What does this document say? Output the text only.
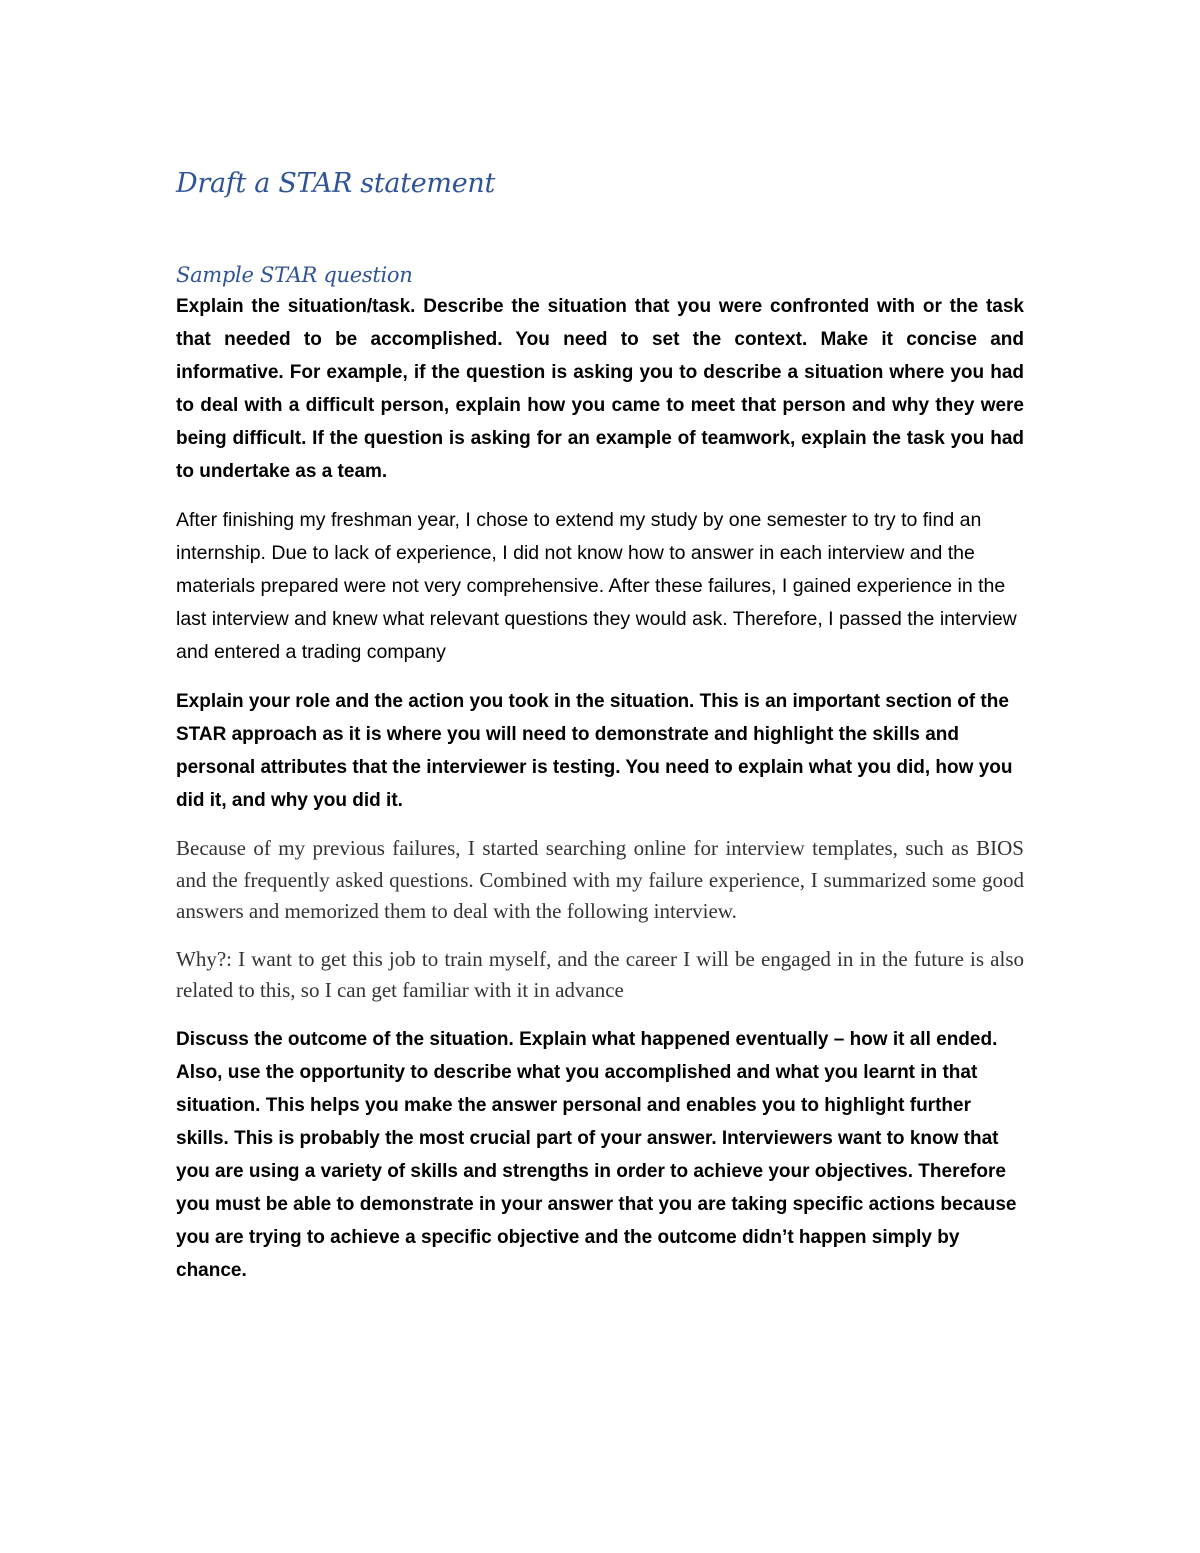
Draft a STAR statement
Sample STAR question

Explain the situation/task. Describe the situation that you were confronted with or the task that needed to be accomplished. You need to set the context. Make it concise and informative. For example, if the question is asking you to describe a situation where you had to deal with a difficult person, explain how you came to meet that person and why they were being difficult. If the question is asking for an example of teamwork, explain the task you had to undertake as a team.

After finishing my freshman year, I chose to extend my study by one semester to try to find an internship. Due to lack of experience, I did not know how to answer in each interview and the materials prepared were not very comprehensive. After these failures, I gained experience in the last interview and knew what relevant questions they would ask. Therefore, I passed the interview and entered a trading company

Explain your role and the action you took in the situation. This is an important section of the STAR approach as it is where you will need to demonstrate and highlight the skills and personal attributes that the interviewer is testing. You need to explain what you did, how you did it, and why you did it.

Because of my previous failures, I started searching online for interview templates, such as BIOS and the frequently asked questions. Combined with my failure experience, I summarized some good answers and memorized them to deal with the following interview.

Why?: I want to get this job to train myself, and the career I will be engaged in in the future is also related to this, so I can get familiar with it in advance

Discuss the outcome of the situation. Explain what happened eventually – how it all ended. Also, use the opportunity to describe what you accomplished and what you learnt in that situation. This helps you make the answer personal and enables you to highlight further skills. This is probably the most crucial part of your answer. Interviewers want to know that you are using a variety of skills and strengths in order to achieve your objectives. Therefore you must be able to demonstrate in your answer that you are taking specific actions because you are trying to achieve a specific objective and the outcome didn’t happen simply by chance.
